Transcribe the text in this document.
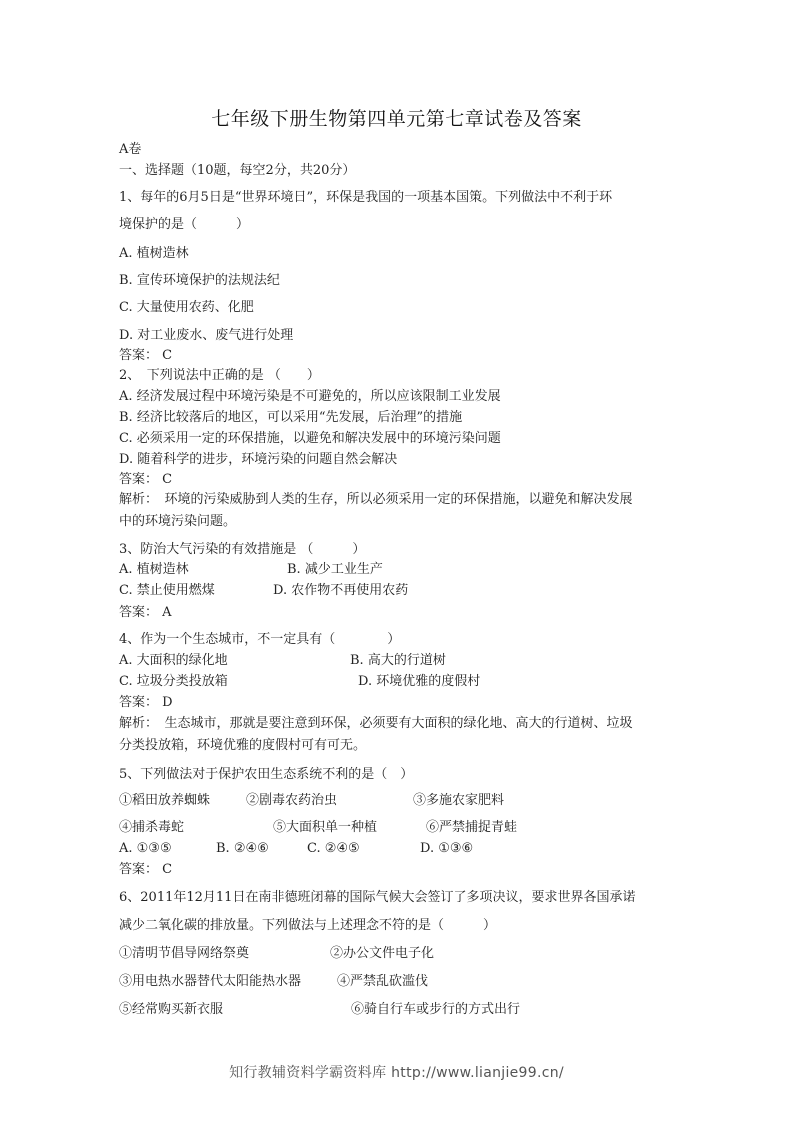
七年级下册生物第四单元第七章试卷及答案
A卷
一、选择题（10题，每空2分，共20分）
1、每年的6月5日是“世界环境日”，环保是我国的一项基本国策。下列做法中不利于环
境保护的是（　　　）
A. 植树造林
B. 宣传环境保护的法规法纪
C. 大量使用农药、化肥
D. 对工业废水、废气进行处理
答案： C
2、　下列说法中正确的是 （　　）
A. 经济发展过程中环境污染是不可避免的，所以应该限制工业发展
B. 经济比较落后的地区，可以采用“先发展，后治理”的措施
C. 必须采用一定的环保措施，以避免和解决发展中的环境污染问题
D. 随着科学的进步，环境污染的问题自然会解决
答案： C
解析：　环境的污染威胁到人类的生存，所以必须采用一定的环保措施，以避免和解决发展
中的环境污染问题。
3、防治大气污染的有效措施是 （　　　）
A. 植树造林	B. 减少工业生产
C. 禁止使用燃煤	D. 农作物不再使用农药
答案： A
4、作为一个生态城市，不一定具有（　　　　）
A. 大面积的绿化地	B. 高大的行道树
C. 垃圾分类投放箱	D. 环境优雅的度假村
答案： D
解析：　生态城市，那就是要注意到环保，必须要有大面积的绿化地、高大的行道树、垃圾
分类投放箱，环境优雅的度假村可有可无。
5、下列做法对于保护农田生态系统不利的是（　）
①稻田放养蜘蛛	②剧毒农药治虫	③多施农家肥料
④捕杀毒蛇	⑤大面积单一种植	⑥严禁捕捉青蛙
A. ①③⑤	B. ②④⑥	C. ②④⑤	D. ①③⑥
答案： C
6、2011年12月11日在南非德班闭幕的国际气候大会签订了多项决议，要求世界各国承诺
减少二氧化碳的排放量。下列做法与上述理念不符的是（　　　）
①清明节倡导网络祭奠	②办公文件电子化
③用电热水器替代太阳能热水器	④严禁乱砍滥伐
⑤经常购买新衣服	⑥骑自行车或步行的方式出行
知行教辅资料学霸资料库 http://www.lianjie99.cn/
